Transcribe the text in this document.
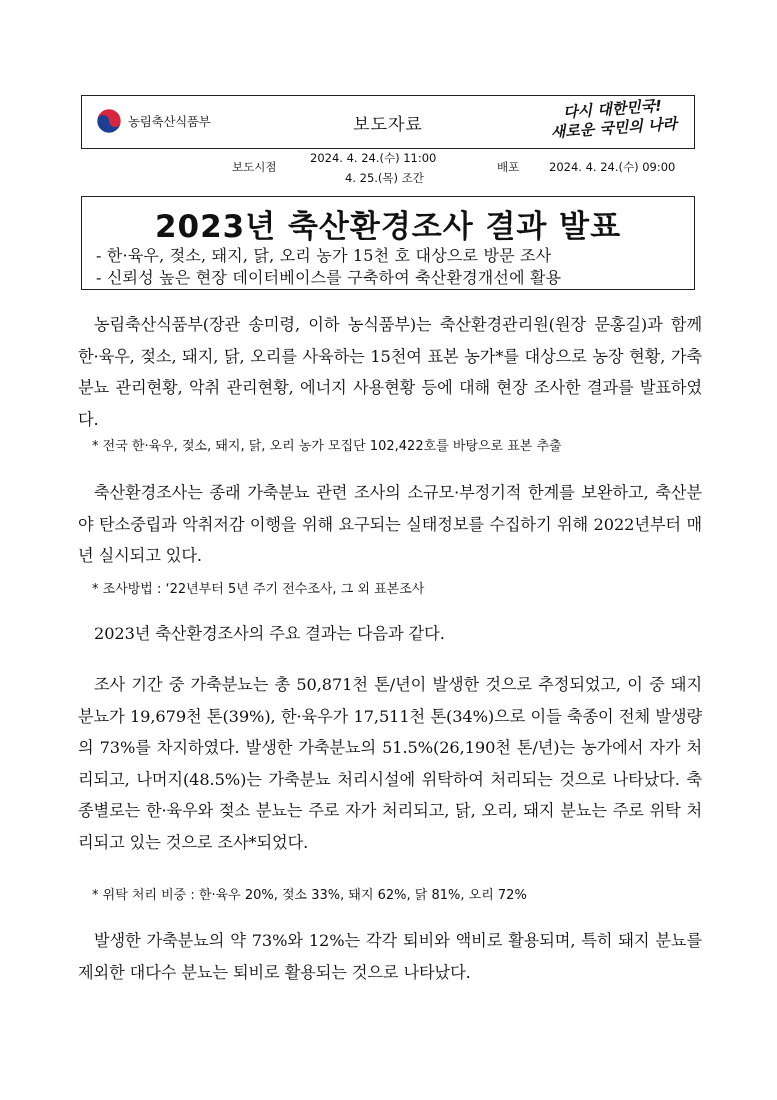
농림축산식품부	보도자료
다시 대한민국!
새로운 국민의 나라
보도시점
2024. 4. 24.(수) 11:00
4. 25.(목) 조간
배포	2024. 4. 24.(수) 09:00
2023년 축산환경조사 결과 발표
- 한·육우, 젖소, 돼지, 닭, 오리 농가 15천 호 대상으로 방문 조사
- 신뢰성 높은 현장 데이터베이스를 구축하여 축산환경개선에 활용

농림축산식품부(장관 송미령, 이하 농식품부)는 축산환경관리원(원장 문홍길)과 함께 한·육우, 젖소, 돼지, 닭, 오리를 사육하는 15천여 표본 농가*를 대상으로 농장 현황, 가축분뇨 관리현황, 악취 관리현황, 에너지 사용현황 등에 대해 현장 조사한 결과를 발표하였다.

* 전국 한·육우, 젖소, 돼지, 닭, 오리 농가 모집단 102,422호를 바탕으로 표본 추출

축산환경조사는 종래 가축분뇨 관련 조사의 소규모·부정기적 한계를 보완하고, 축산분야 탄소중립과 악취저감 이행을 위해 요구되는 실태정보를 수집하기 위해 2022년부터 매년 실시되고 있다.

* 조사방법 : ‘22년부터 5년 주기 전수조사, 그 외 표본조사

2023년 축산환경조사의 주요 결과는 다음과 같다.

조사 기간 중 가축분뇨는 총 50,871천 톤/년이 발생한 것으로 추정되었고, 이 중 돼지분뇨가 19,679천 톤(39%), 한·육우가 17,511천 톤(34%)으로 이들 축종이 전체 발생량의 73%를 차지하였다. 발생한 가축분뇨의 51.5%(26,190천 톤/년)는 농가에서 자가 처리되고, 나머지(48.5%)는 가축분뇨 처리시설에 위탁하여 처리되는 것으로 나타났다. 축종별로는 한·육우와 젖소 분뇨는 주로 자가 처리되고, 닭, 오리, 돼지 분뇨는 주로 위탁 처리되고 있는 것으로 조사*되었다.

* 위탁 처리 비중 : 한·육우 20%, 젖소 33%, 돼지 62%, 닭 81%, 오리 72%

발생한 가축분뇨의 약 73%와 12%는 각각 퇴비와 액비로 활용되며, 특히 돼지 분뇨를 제외한 대다수 분뇨는 퇴비로 활용되는 것으로 나타났다.
